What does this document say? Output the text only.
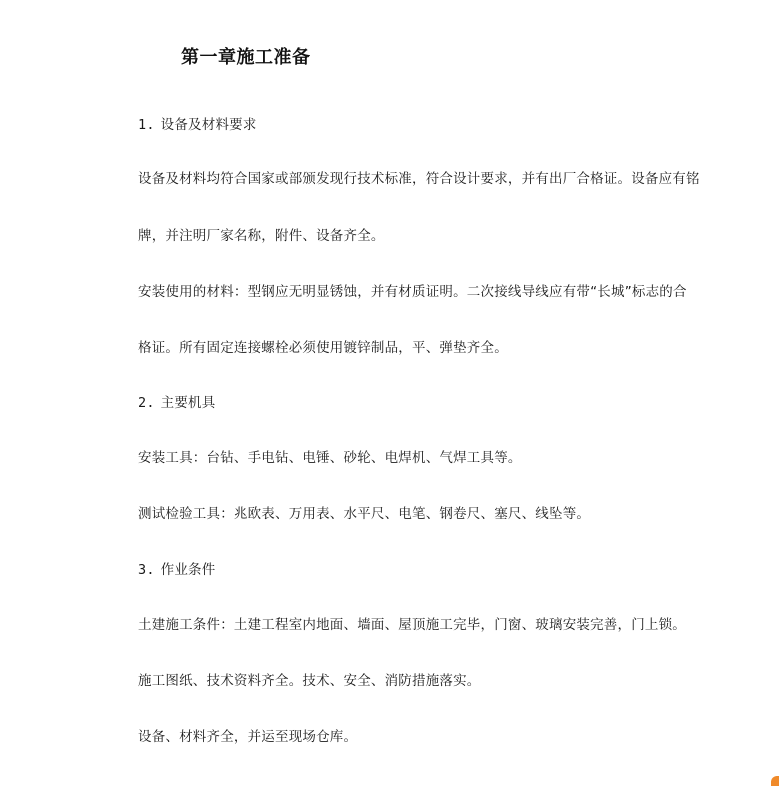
第一章施工准备
1. 设备及材料要求
设备及材料均符合国家或部颁发现行技术标准，符合设计要求，并有出厂合格证。设备应有铭
牌，并注明厂家名称，附件、设备齐全。
安装使用的材料：型钢应无明显锈蚀，并有材质证明。二次接线导线应有带“长城”标志的合
格证。所有固定连接螺栓必须使用镀锌制品，平、弹垫齐全。
2. 主要机具
安装工具：台钻、手电钻、电锤、砂轮、电焊机、气焊工具等。
测试检验工具：兆欧表、万用表、水平尺、电笔、钢卷尺、塞尺、线坠等。
3. 作业条件
土建施工条件：土建工程室内地面、墙面、屋顶施工完毕，门窗、玻璃安装完善，门上锁。
施工图纸、技术资料齐全。技术、安全、消防措施落实。
设备、材料齐全，并运至现场仓库。
